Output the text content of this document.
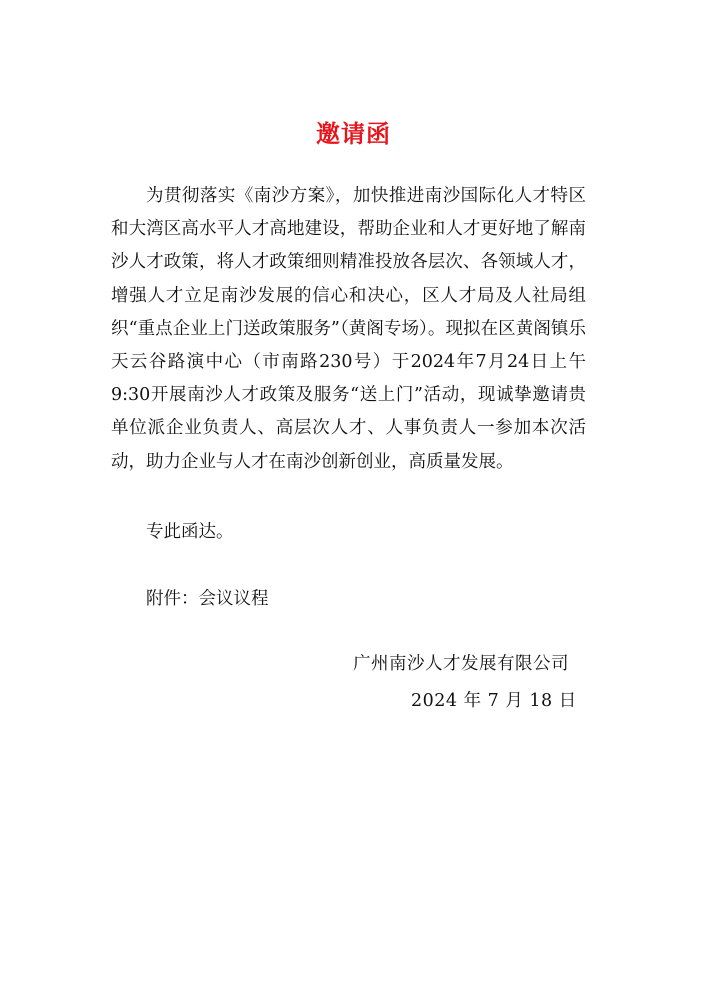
邀请函
为贯彻落实《南沙方案》，加快推进南沙国际化人才特区和大湾区高水平人才高地建设，帮助企业和人才更好地了解南沙人才政策，将人才政策细则精准投放各层次、各领域人才，增强人才立足南沙发展的信心和决心，区人才局及人社局组织“重点企业上门送政策服务”（黄阁专场）。现拟在区黄阁镇乐天云谷路演中心（市南路230号）于2024年7月24日上午9:30开展南沙人才政策及服务“送上门”活动，现诚挚邀请贵单位派企业负责人、高层次人才、人事负责人一参加本次活动，助力企业与人才在南沙创新创业，高质量发展。
专此函达。
附件：会议议程
广州南沙人才发展有限公司
2024 年 7 月 18 日
